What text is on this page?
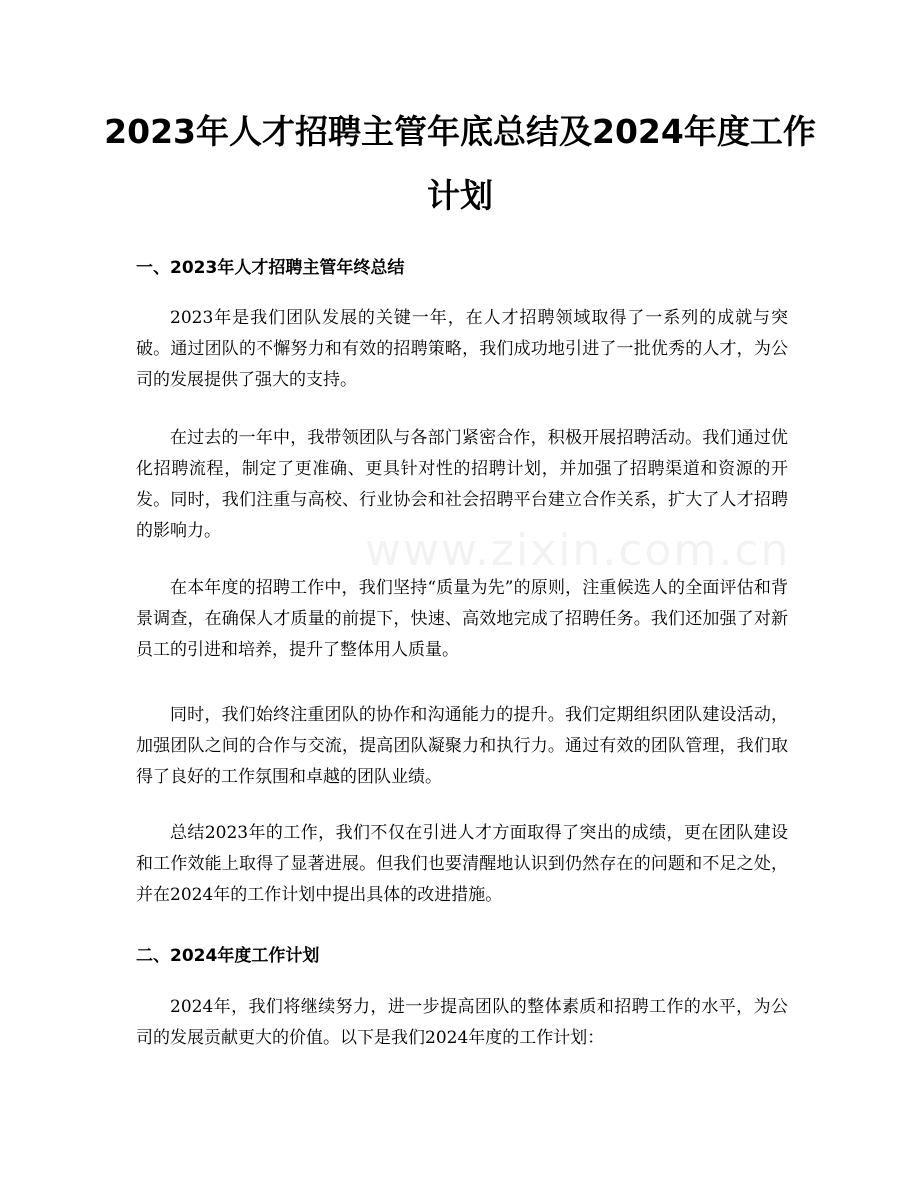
www.zixin.com.cn
2023年人才招聘主管年底总结及2024年度工作计划
一、2023年人才招聘主管年终总结

2023年是我们团队发展的关键一年，在人才招聘领域取得了一系列的成就与突破。通过团队的不懈努力和有效的招聘策略，我们成功地引进了一批优秀的人才，为公司的发展提供了强大的支持。

在过去的一年中，我带领团队与各部门紧密合作，积极开展招聘活动。我们通过优化招聘流程，制定了更准确、更具针对性的招聘计划，并加强了招聘渠道和资源的开发。同时，我们注重与高校、行业协会和社会招聘平台建立合作关系，扩大了人才招聘的影响力。

在本年度的招聘工作中，我们坚持“质量为先”的原则，注重候选人的全面评估和背景调查，在确保人才质量的前提下，快速、高效地完成了招聘任务。我们还加强了对新员工的引进和培养，提升了整体用人质量。

同时，我们始终注重团队的协作和沟通能力的提升。我们定期组织团队建设活动，加强团队之间的合作与交流，提高团队凝聚力和执行力。通过有效的团队管理，我们取得了良好的工作氛围和卓越的团队业绩。

总结2023年的工作，我们不仅在引进人才方面取得了突出的成绩，更在团队建设和工作效能上取得了显著进展。但我们也要清醒地认识到仍然存在的问题和不足之处，并在2024年的工作计划中提出具体的改进措施。

二、2024年度工作计划

2024年，我们将继续努力，进一步提高团队的整体素质和招聘工作的水平，为公司的发展贡献更大的价值。以下是我们2024年度的工作计划：
